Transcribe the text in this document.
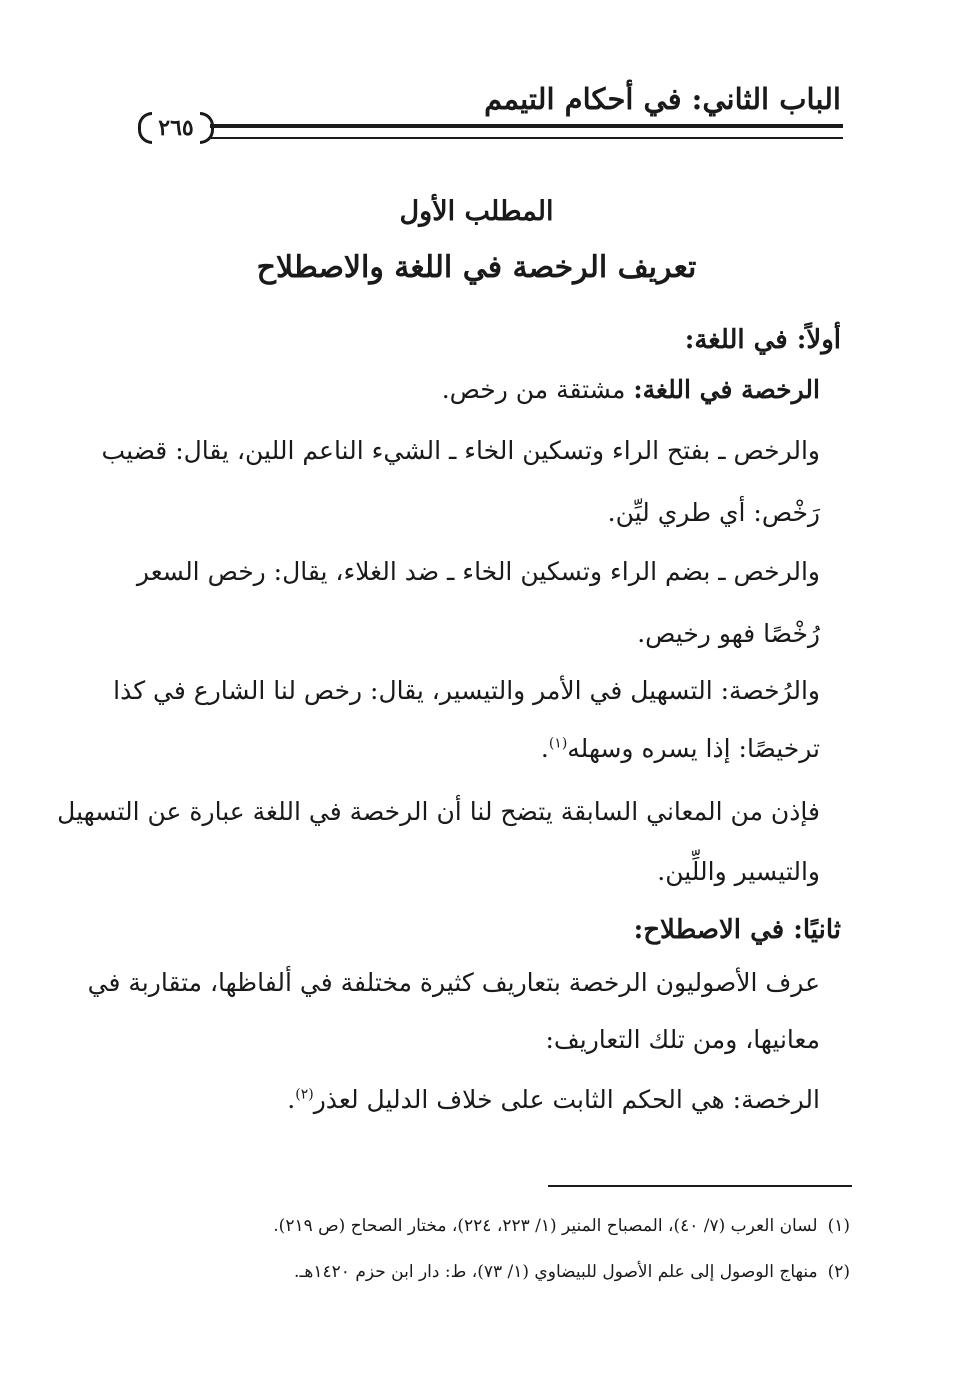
الباب الثاني: في أحكام التيمم
٢٦٥
المطلب الأول
تعريف الرخصة في اللغة والاصطلاح
أولاً: في اللغة:
الرخصة في اللغة: مشتقة من رخص.
والرخص ـ بفتح الراء وتسكين الخاء ـ الشيء الناعم اللين، يقال: قضيب
رَخْص: أي طري ليِّن.
والرخص ـ بضم الراء وتسكين الخاء ـ ضد الغلاء، يقال: رخص السعر
رُخْصًا فهو رخيص.
والرُخصة: التسهيل في الأمر والتيسير، يقال: رخص لنا الشارع في كذا
ترخيصًا: إذا يسره وسهله$^{(١)}$.
فإذن من المعاني السابقة يتضح لنا أن الرخصة في اللغة عبارة عن التسهيل
والتيسير واللِّين.
ثانيًا: في الاصطلاح:
عرف الأصوليون الرخصة بتعاريف كثيرة مختلفة في ألفاظها، متقاربة في
معانيها، ومن تلك التعاريف:
الرخصة: هي الحكم الثابت على خلاف الدليل لعذر$^{(٢)}$.
(١)لسان العرب (٧/ ٤٠)، المصباح المنير (١/ ٢٢٣، ٢٢٤)، مختار الصحاح (ص ٢١٩).
(٢)منهاج الوصول إلى علم الأصول للبيضاوي (١/ ٧٣)، ط: دار ابن حزم ١٤٢٠هـ.
